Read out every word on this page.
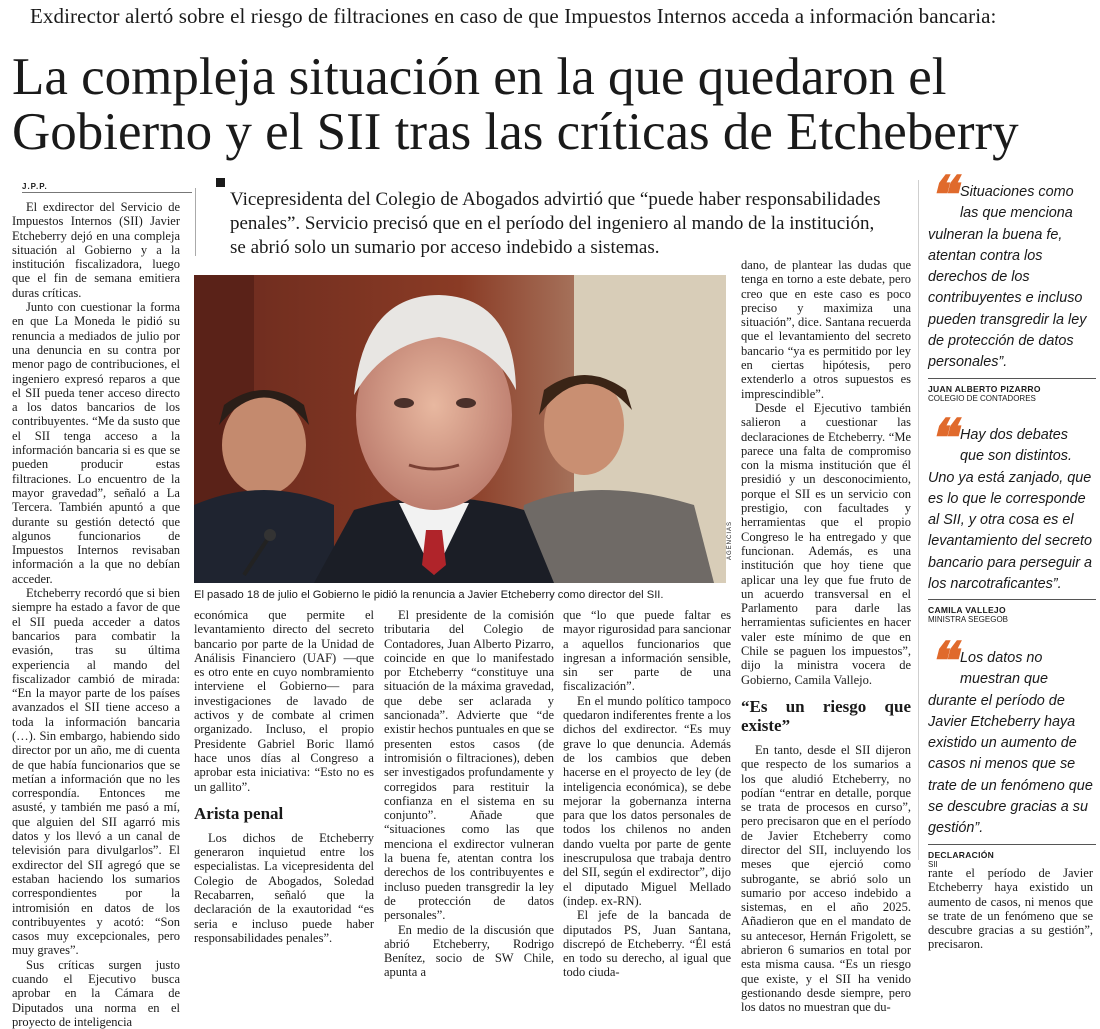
Exdirector alertó sobre el riesgo de filtraciones en caso de que Impuestos Internos acceda a información bancaria:
La compleja situación en la que quedaron el
Gobierno y el SII tras las críticas de Etcheberry
J.P.P.

El exdirector del Servicio de Impuestos Internos (SII) Javier Etcheberry dejó en una compleja situación al Gobierno y a la institución fiscalizadora, luego que el fin de semana emitiera duras críticas.

Junto con cuestionar la forma en que La Moneda le pidió su renuncia a mediados de julio por una denuncia en su contra por menor pago de contribuciones, el ingeniero expresó reparos a que el SII pueda tener acceso directo a los datos bancarios de los contribuyentes. “Me da susto que el SII tenga acceso a la información bancaria si es que se pueden producir estas filtraciones. Lo encuentro de la mayor gravedad”, señaló a La Tercera. También apuntó a que durante su gestión detectó que algunos funcionarios de Impuestos Internos revisaban información a la que no debían acceder.

Etcheberry recordó que si bien siempre ha estado a favor de que el SII pueda acceder a datos bancarios para combatir la evasión, tras su última experiencia al mando del fiscalizador cambió de mirada: “En la mayor parte de los países avanzados el SII tiene acceso a toda la información bancaria (…). Sin embargo, habiendo sido director por un año, me di cuenta de que había funcionarios que se metían a información que no les correspondía. Entonces me asusté, y también me pasó a mí, que alguien del SII agarró mis datos y los llevó a un canal de televisión para divulgarlos”. El exdirector del SII agregó que se estaban haciendo los sumarios correspondientes por la intromisión en datos de los contribuyentes y acotó: “Son casos muy excepcionales, pero muy graves”.

Sus críticas surgen justo cuando el Ejecutivo busca aprobar en la Cámara de Diputados una norma en el proyecto de inteligencia

Vicepresidenta del Colegio de Abogados advirtió que “puede haber responsabilidades
penales”. Servicio precisó que en el período del ingeniero al mando de la institución,
se abrió solo un sumario por acceso indebido a sistemas.
AGENCIAS
El pasado 18 de julio el Gobierno le pidió la renuncia a Javier Etcheberry como director del SII.

económica que permite el levantamiento directo del secreto bancario por parte de la Unidad de Análisis Financiero (UAF) —que es otro ente en cuyo nombramiento interviene el Gobierno— para investigaciones de lavado de activos y de combate al crimen organizado. Incluso, el propio Presidente Gabriel Boric llamó hace unos días al Congreso a aprobar esta iniciativa: “Esto no es un gallito”.

Arista penal

Los dichos de Etcheberry generaron inquietud entre los especialistas. La vicepresidenta del Colegio de Abogados, Soledad Recabarren, señaló que la declaración de la exautoridad “es seria e incluso puede haber responsabilidades penales”.

El presidente de la comisión tributaria del Colegio de Contadores, Juan Alberto Pizarro, coincide en que lo manifestado por Etcheberry “constituye una situación de la máxima gravedad, que debe ser aclarada y sancionada”. Advierte que “de existir hechos puntuales en que se presenten estos casos (de intromisión o filtraciones), deben ser investigados profundamente y corregidos para restituir la confianza en el sistema en su conjunto”. Añade que “situaciones como las que menciona el exdirector vulneran la buena fe, atentan contra los derechos de los contribuyentes e incluso pueden transgredir la ley de protección de datos personales”.

En medio de la discusión que abrió Etcheberry, Rodrigo Benítez, socio de SW Chile, apunta a

que “lo que puede faltar es mayor rigurosidad para sancionar a aquellos funcionarios que ingresan a información sensible, sin ser parte de una fiscalización”.

En el mundo político tampoco quedaron indiferentes frente a los dichos del exdirector. “Es muy grave lo que denuncia. Además de los cambios que deben hacerse en el proyecto de ley (de inteligencia económica), se debe mejorar la gobernanza interna para que los datos personales de todos los chilenos no anden dando vuelta por parte de gente inescrupulosa que trabaja dentro del SII, según el exdirector”, dijo el diputado Miguel Mellado (indep. ex-RN).

El jefe de la bancada de diputados PS, Juan Santana, discrepó de Etcheberry. “Él está en todo su derecho, al igual que todo ciuda-

dano, de plantear las dudas que tenga en torno a este debate, pero creo que en este caso es poco preciso y maximiza una situación”, dice. Santana recuerda que el levantamiento del secreto bancario “ya es permitido por ley en ciertas hipótesis, pero extenderlo a otros supuestos es imprescindible”.

Desde el Ejecutivo también salieron a cuestionar las declaraciones de Etcheberry. “Me parece una falta de compromiso con la misma institución que él presidió y un desconocimiento, porque el SII es un servicio con prestigio, con facultades y herramientas que el propio Congreso le ha entregado y que funcionan. Además, es una institución que hoy tiene que aplicar una ley que fue fruto de un acuerdo transversal en el Parlamento para darle las herramientas suficientes en hacer valer este mínimo de que en Chile se paguen los impuestos”, dijo la ministra vocera de Gobierno, Camila Vallejo.

“Es un riesgo que existe”

En tanto, desde el SII dijeron que respecto de los sumarios a los que aludió Etcheberry, no podían “entrar en detalle, porque se trata de procesos en curso”, pero precisaron que en el período de Javier Etcheberry como director del SII, incluyendo los meses que ejerció como subrogante, se abrió solo un sumario por acceso indebido a sistemas, en el año 2025. Añadieron que en el mandato de su antecesor, Hernán Frigolett, se abrieron 6 sumarios en total por esta misma causa. “Es un riesgo que existe, y el SII ha venido gestionando desde siempre, pero los datos no muestran que du-

❝ Situaciones como las que menciona vulneran la buena fe, atentan contra los derechos de los contribuyentes e incluso pueden transgredir la ley de protección de datos personales”.
JUAN ALBERTO PIZARRO
COLEGIO DE CONTADORES
❝ Hay dos debates que son distintos. Uno ya está zanjado, que es lo que le corresponde al SII, y otra cosa es el levantamiento del secreto bancario para perseguir a los narcotraficantes”.
CAMILA VALLEJO
MINISTRA SEGEGOB
❝ Los datos no muestran que durante el período de Javier Etcheberry haya existido un aumento de casos ni menos que se trate de un fenómeno que se descubre gracias a su gestión”.
DECLARACIÓN
SII

rante el período de Javier Etcheberry haya existido un aumento de casos, ni menos que se trate de un fenómeno que se descubre gracias a su gestión”, precisaron.
